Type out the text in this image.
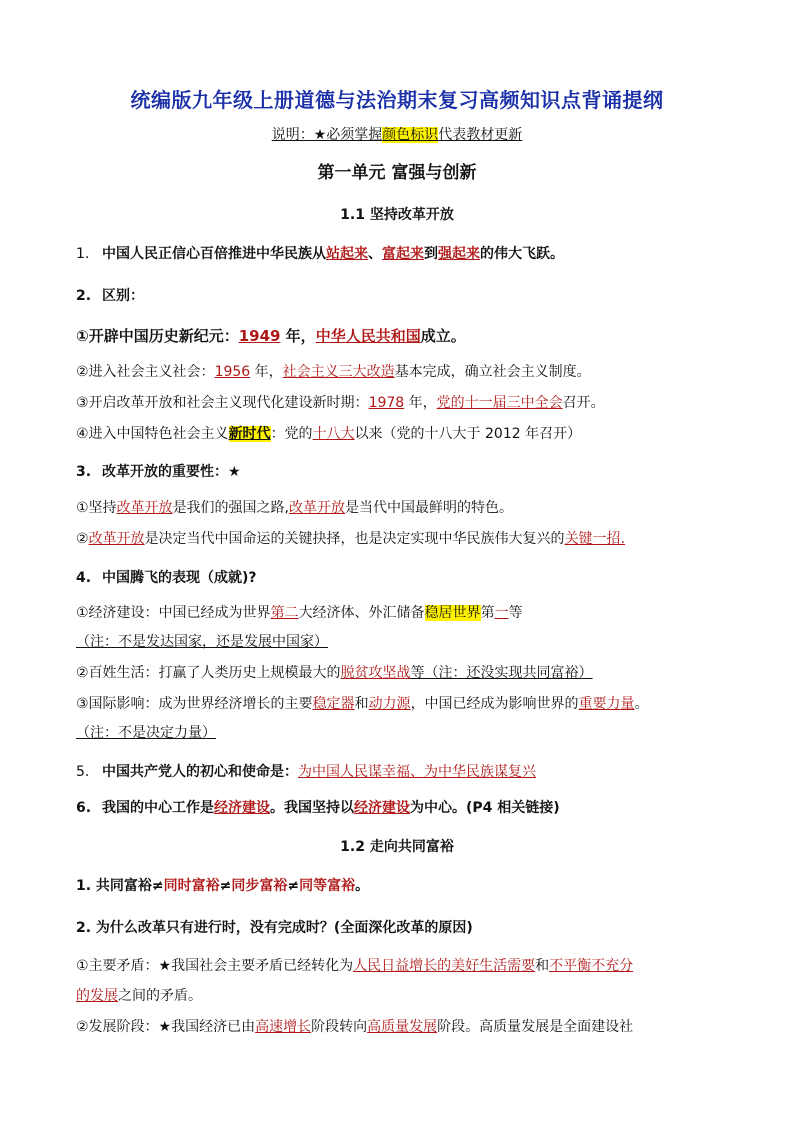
统编版九年级上册道德与法治期末复习高频知识点背诵提纲
说明：★必须掌握颜色标识代表教材更新
第一单元 富强与创新
1.1 坚持改革开放
1. 中国人民正信心百倍推进中华民族从站起来、富起来到强起来的伟大飞跃。
2. 区别：
①开辟中国历史新纪元：1949 年，中华人民共和国成立。
②进入社会主义社会：1956 年，社会主义三大改造基本完成，确立社会主义制度。
③开启改革开放和社会主义现代化建设新时期：1978 年，党的十一届三中全会召开。
④进入中国特色社会主义新时代：党的十八大以来（党的十八大于 2012 年召开）
3. 改革开放的重要性：★
①坚持改革开放是我们的强国之路,改革开放是当代中国最鲜明的特色。
②改革开放是决定当代中国命运的关键抉择，也是决定实现中华民族伟大复兴的关键一招.
4. 中国腾飞的表现（成就)?
①经济建设：中国已经成为世界第二大经济体、外汇储备稳居世界第一等
（注：不是发达国家，还是发展中国家）
②百姓生活：打赢了人类历史上规模最大的脱贫攻坚战等（注：还没实现共同富裕）
③国际影响：成为世界经济增长的主要稳定器和动力源，中国已经成为影响世界的重要力量。
（注：不是决定力量）
5. 中国共产党人的初心和使命是：为中国人民谋幸福、为中华民族谋复兴
6. 我国的中心工作是经济建设。我国坚持以经济建设为中心。(P4 相关链接)
1.2 走向共同富裕
1. 共同富裕≠同时富裕≠同步富裕≠同等富裕。
2. 为什么改革只有进行时，没有完成时？(全面深化改革的原因)
①主要矛盾：★我国社会主要矛盾已经转化为人民日益增长的美好生活需要和不平衡不充分
的发展之间的矛盾。
②发展阶段：★我国经济已由高速增长阶段转向高质量发展阶段。高质量发展是全面建设社
